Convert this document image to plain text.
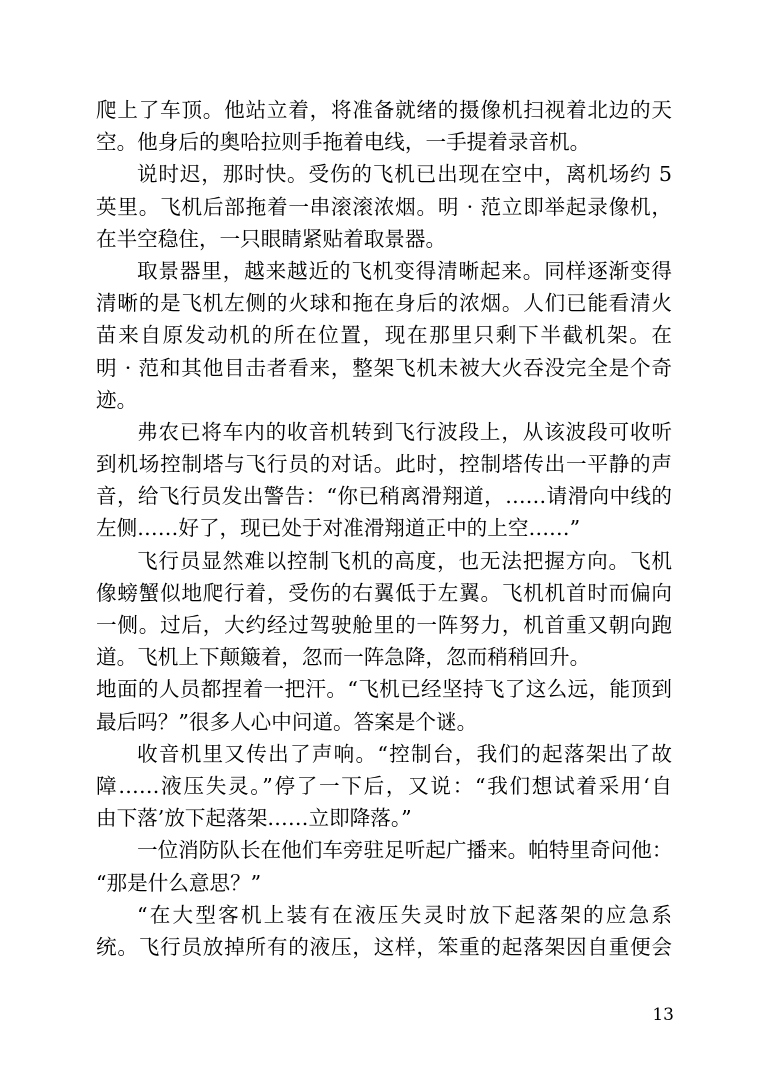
爬上了车顶。他站立着，将准备就绪的摄像机扫视着北边的天
空。他身后的奥哈拉则手拖着电线，一手提着录音机。
说时迟，那时快。受伤的飞机已出现在空中，离机场约 5
英里。飞机后部拖着一串滚滚浓烟。明 · 范立即举起录像机，
在半空稳住，一只眼睛紧贴着取景器。
取景器里，越来越近的飞机变得清晰起来。同样逐渐变得
清晰的是飞机左侧的火球和拖在身后的浓烟。人们已能看清火
苗来自原发动机的所在位置，现在那里只剩下半截机架。在
明 · 范和其他目击者看来，整架飞机未被大火吞没完全是个奇
迹。
弗农已将车内的收音机转到飞行波段上，从该波段可收听
到机场控制塔与飞行员的对话。此时，控制塔传出一平静的声
音，给飞行员发出警告：“你已稍离滑翔道，……请滑向中线的
左侧……好了，现已处于对准滑翔道正中的上空……”
飞行员显然难以控制飞机的高度，也无法把握方向。飞机
像螃蟹似地爬行着，受伤的右翼低于左翼。飞机机首时而偏向
一侧。过后，大约经过驾驶舱里的一阵努力，机首重又朝向跑
道。飞机上下颠簸着，忽而一阵急降，忽而稍稍回升。
地面的人员都捏着一把汗。“飞机已经坚持飞了这么远，能顶到
最后吗？”很多人心中问道。答案是个谜。
收音机里又传出了声响。“控制台，我们的起落架出了故
障……液压失灵。”停了一下后，又说：“我们想试着采用‘自
由下落’放下起落架……立即降落。”
一位消防队长在他们车旁驻足听起广播来。帕特里奇问他：
“那是什么意思？”
“在大型客机上装有在液压失灵时放下起落架的应急系
统。飞行员放掉所有的液压，这样，笨重的起落架因自重便会
13
